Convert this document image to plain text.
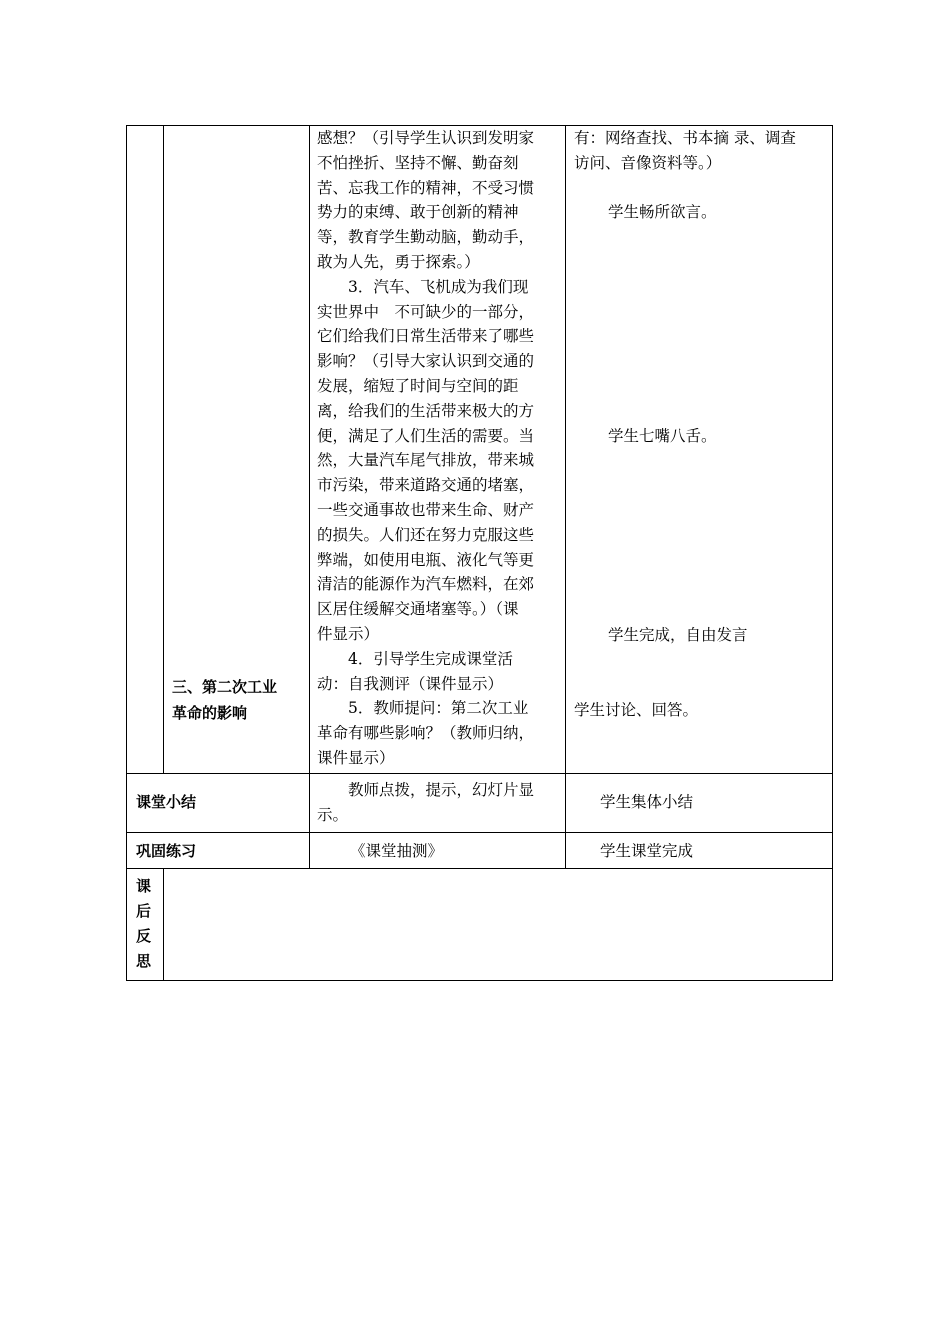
三、第二次工业
革命的影响
感想？（引导学生认识到发明家
不怕挫折、坚持不懈、勤奋刻
苦、忘我工作的精神，不受习惯
势力的束缚、敢于创新的精神
等，教育学生勤动脑，勤动手，
敢为人先，勇于探索。）
　　3．汽车、飞机成为我们现
实世界中　不可缺少的一部分，
它们给我们日常生活带来了哪些
影响？（引导大家认识到交通的
发展，缩短了时间与空间的距
离，给我们的生活带来极大的方
便，满足了人们生活的需要。当
然，大量汽车尾气排放，带来城
市污染，带来道路交通的堵塞，
一些交通事故也带来生命、财产
的损失。人们还在努力克服这些
弊端，如使用电瓶、液化气等更
清洁的能源作为汽车燃料，在郊
区居住缓解交通堵塞等。）（课
件显示）
　　4．引导学生完成课堂活
动：自我测评（课件显示）
　　5．教师提问：第二次工业
革命有哪些影响？（教师归纳，
课件显示）
有：网络查找、书本摘 录、调查
访问、音像资料等。）
学生畅所欲言。
学生七嘴八舌。
学生完成，自由发言
学生讨论、回答。
课堂小结
　　教师点拨，提示，幻灯片显
示。
学生集体小结
巩固练习	《课堂抽测》	学生课堂完成
课
后
反
思
